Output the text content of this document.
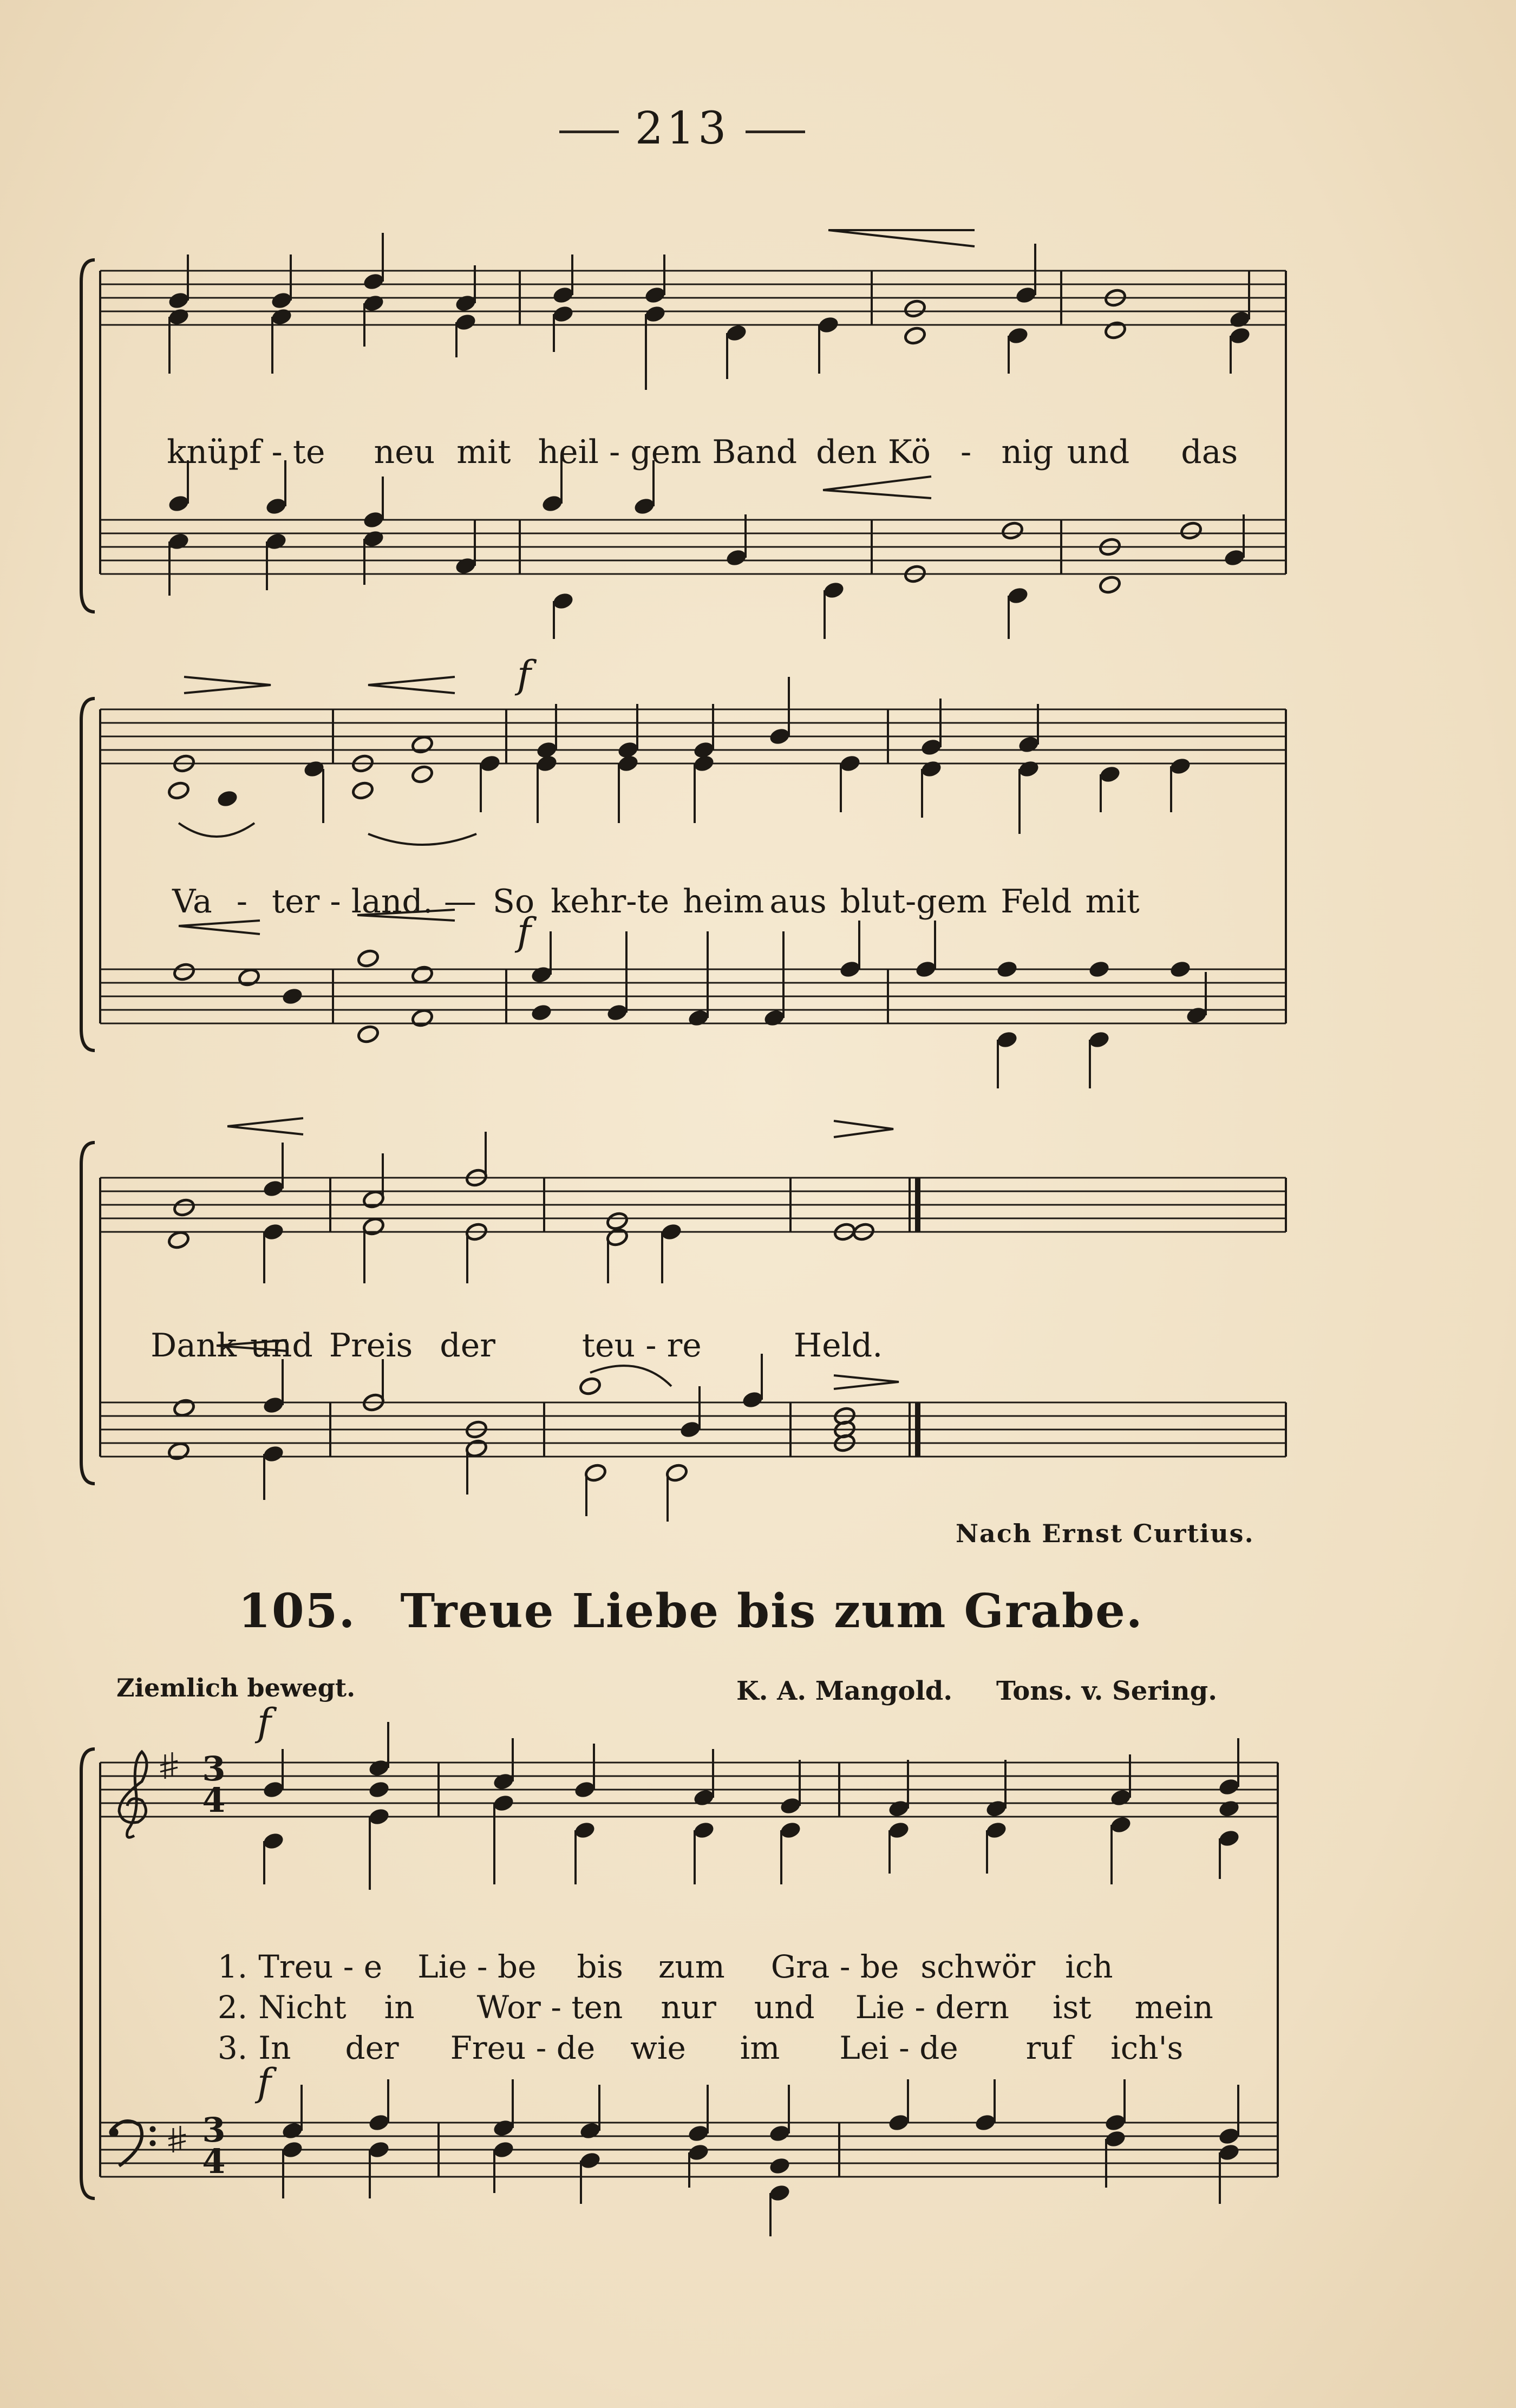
213

knüpf - te neu mit heil - gem Band den Kö - nig und das

f
f

Va - ter - land. — So kehr-te heim aus blut-gem Feld mit

Dank und Preis der	teu - re	Held.

Nach Ernst Curtius.
105. Treue Liebe bis zum Grabe.
Ziemlich bewegt.	K. A. Mangold. Tons. v. Sering.
f
f
3
4
3
4

1. Treu - e Lie - be bis zum Gra - be schwör ich

2. Nicht in Wor - ten nur und Lie - dern ist mein

3. In der Freu - de wie im Lei - de ruf ich's
